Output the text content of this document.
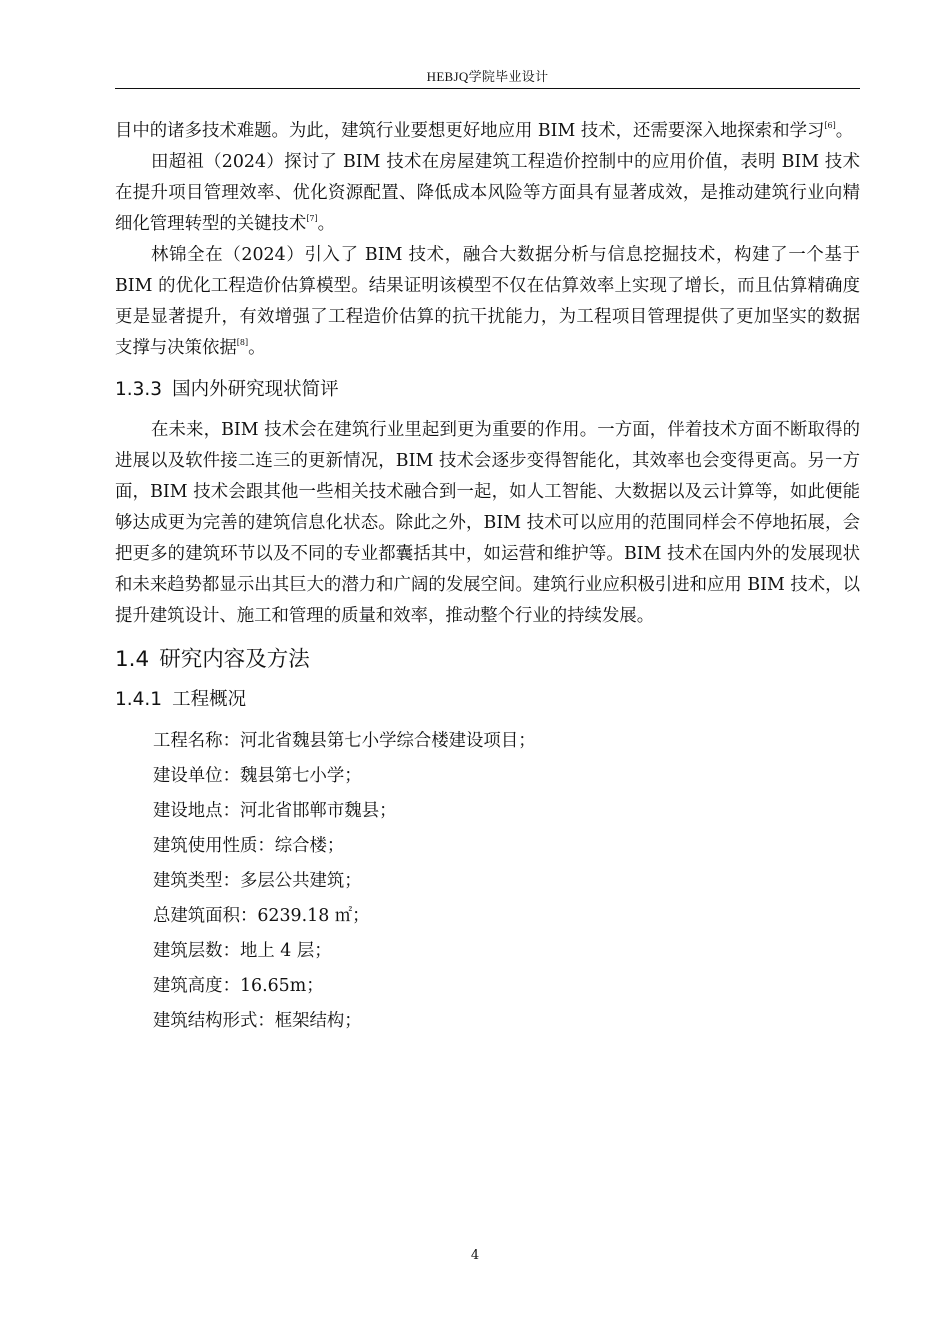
HEBJQ学院毕业设计

目中的诸多技术难题。为此，建筑行业要想更好地应用 BIM 技术，还需要深入地探索和学习[6]。

田超祖（2024）探讨了 BIM 技术在房屋建筑工程造价控制中的应用价值，表明 BIM 技术在提升项目管理效率、优化资源配置、降低成本风险等方面具有显著成效，是推动建筑行业向精细化管理转型的关键技术[7]。

林锦全在（2024）引入了 BIM 技术，融合大数据分析与信息挖掘技术，构建了一个基于 BIM 的优化工程造价估算模型。结果证明该模型不仅在估算效率上实现了增长，而且估算精确度更是显著提升，有效增强了工程造价估算的抗干扰能力，为工程项目管理提供了更加坚实的数据支撑与决策依据[8]。

1.3.3 国内外研究现状简评

在未来，BIM 技术会在建筑行业里起到更为重要的作用。一方面，伴着技术方面不断取得的进展以及软件接二连三的更新情况，BIM 技术会逐步变得智能化，其效率也会变得更高。另一方面，BIM 技术会跟其他一些相关技术融合到一起，如人工智能、大数据以及云计算等，如此便能够达成更为完善的建筑信息化状态。除此之外，BIM 技术可以应用的范围同样会不停地拓展，会把更多的建筑环节以及不同的专业都囊括其中，如运营和维护等。BIM 技术在国内外的发展现状和未来趋势都显示出其巨大的潜力和广阔的发展空间。建筑行业应积极引进和应用 BIM 技术，以提升建筑设计、施工和管理的质量和效率，推动整个行业的持续发展。

1.4 研究内容及方法
1.4.1 工程概况

工程名称：河北省魏县第七小学综合楼建设项目；

建设单位：魏县第七小学；

建设地点：河北省邯郸市魏县；

建筑使用性质：综合楼；

建筑类型：多层公共建筑；

总建筑面积：6239.18 ㎡；

建筑层数：地上 4 层；

建筑高度：16.65m；

建筑结构形式：框架结构；

4
